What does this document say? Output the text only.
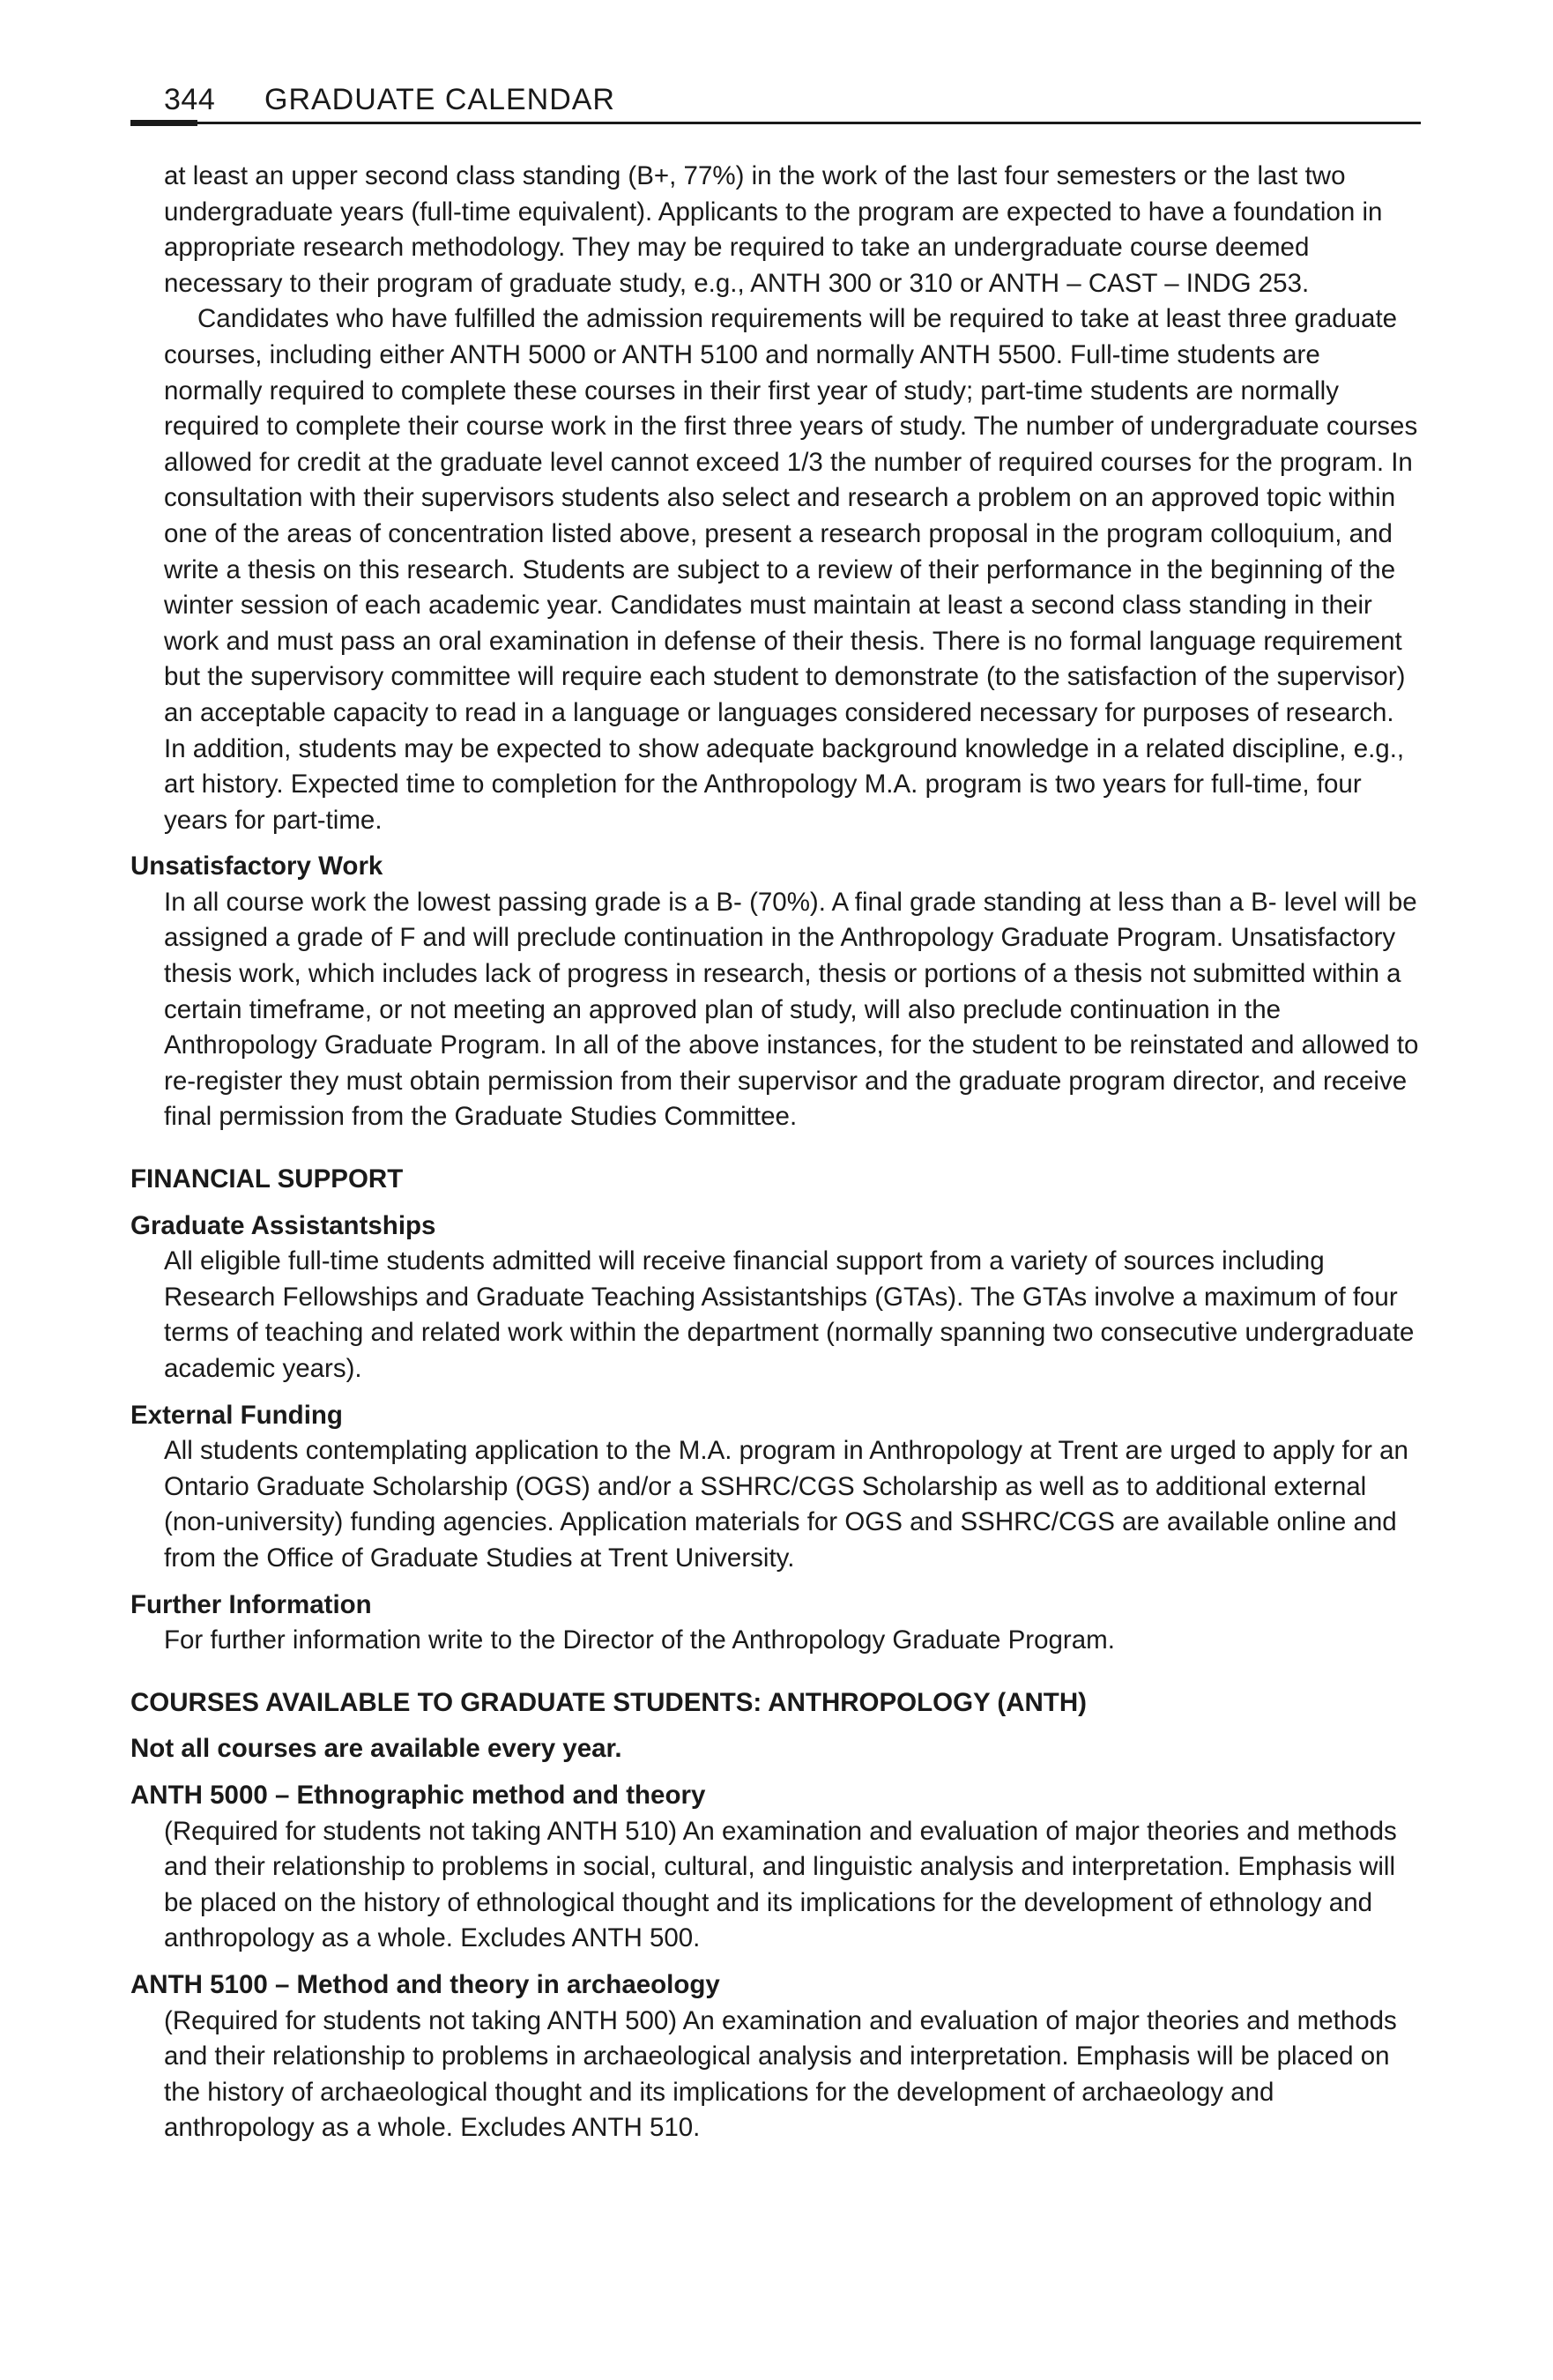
344 GRADUATE CALENDAR

at least an upper second class standing (B+, 77%) in the work of the last four semesters or the last two undergraduate years (full-time equivalent). Applicants to the program are expected to have a foundation in appropriate research methodology. They may be required to take an undergraduate course deemed necessary to their program of graduate study, e.g., ANTH 300 or 310 or ANTH – CAST – INDG 253.

Candidates who have fulfilled the admission requirements will be required to take at least three graduate courses, including either ANTH 5000 or ANTH 5100 and normally ANTH 5500. Full-time students are normally required to complete these courses in their first year of study; part-time students are normally required to complete their course work in the first three years of study. The number of undergraduate courses allowed for credit at the graduate level cannot exceed 1/3 the number of required courses for the program. In consultation with their supervisors students also select and research a problem on an approved topic within one of the areas of concentration listed above, present a research proposal in the program colloquium, and write a thesis on this research. Students are subject to a review of their performance in the beginning of the winter session of each academic year. Candidates must maintain at least a second class standing in their work and must pass an oral examination in defense of their thesis. There is no formal language requirement but the supervisory committee will require each student to demonstrate (to the satisfaction of the supervisor) an acceptable capacity to read in a language or languages considered necessary for purposes of research. In addition, students may be expected to show adequate background knowledge in a related discipline, e.g., art history. Expected time to completion for the Anthropology M.A. program is two years for full-time, four years for part-time.

Unsatisfactory Work

In all course work the lowest passing grade is a B- (70%). A final grade standing at less than a B- level will be assigned a grade of F and will preclude continuation in the Anthropology Graduate Program. Unsatisfactory thesis work, which includes lack of progress in research, thesis or portions of a thesis not submitted within a certain timeframe, or not meeting an approved plan of study, will also preclude continuation in the Anthropology Graduate Program. In all of the above instances, for the student to be reinstated and allowed to re-register they must obtain permission from their supervisor and the graduate program director, and receive final permission from the Graduate Studies Committee.

FINANCIAL SUPPORT

Graduate Assistantships

All eligible full-time students admitted will receive financial support from a variety of sources including Research Fellowships and Graduate Teaching Assistantships (GTAs). The GTAs involve a maximum of four terms of teaching and related work within the department (normally spanning two consecutive undergraduate academic years).

External Funding

All students contemplating application to the M.A. program in Anthropology at Trent are urged to apply for an Ontario Graduate Scholarship (OGS) and/or a SSHRC/CGS Scholarship as well as to additional external (non-university) funding agencies. Application materials for OGS and SSHRC/CGS are available online and from the Office of Graduate Studies at Trent University.

Further Information

For further information write to the Director of the Anthropology Graduate Program.

COURSES AVAILABLE TO GRADUATE STUDENTS: ANTHROPOLOGY (ANTH)

Not all courses are available every year.

ANTH 5000 – Ethnographic method and theory

(Required for students not taking ANTH 510) An examination and evaluation of major theories and methods and their relationship to problems in social, cultural, and linguistic analysis and interpretation. Emphasis will be placed on the history of ethnological thought and its implications for the development of ethnology and anthropology as a whole. Excludes ANTH 500.

ANTH 5100 – Method and theory in archaeology

(Required for students not taking ANTH 500) An examination and evaluation of major theories and methods and their relationship to problems in archaeological analysis and interpretation. Emphasis will be placed on the history of archaeological thought and its implications for the development of archaeology and anthropology as a whole. Excludes ANTH 510.
